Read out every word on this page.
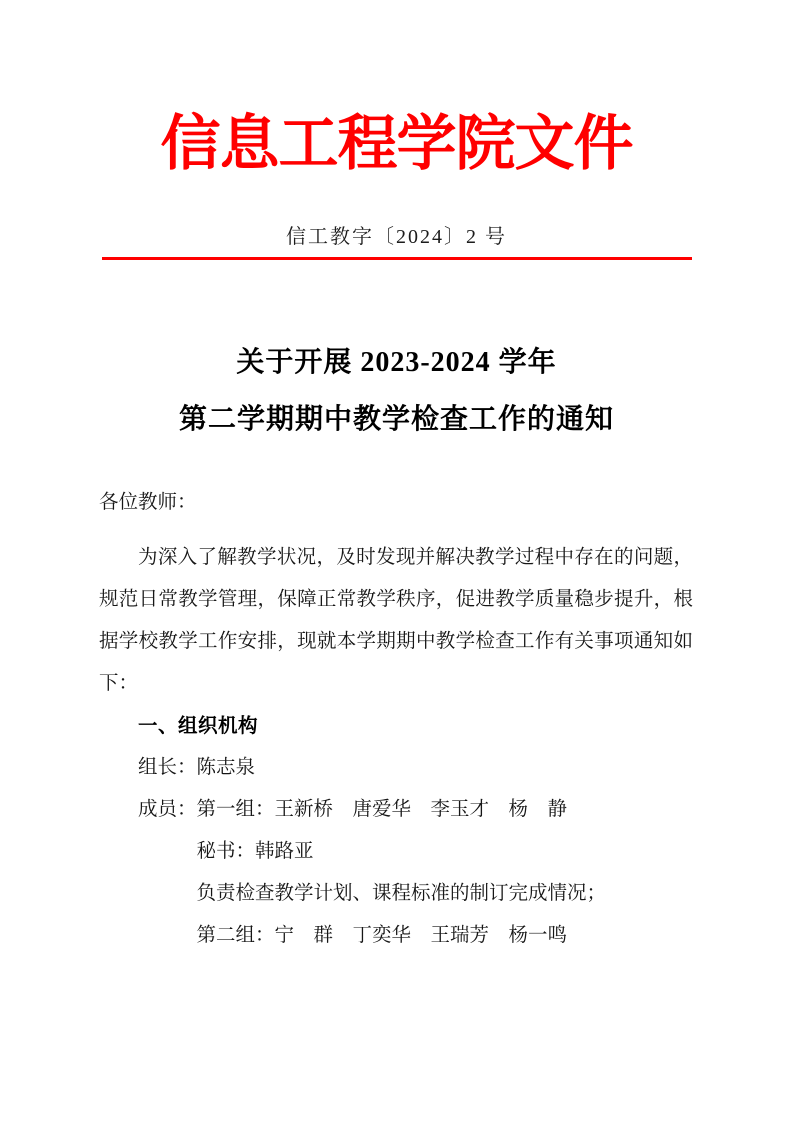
信息工程学院文件
信工教字〔2024〕2 号
关于开展 2023-2024 学年
第二学期期中教学检查工作的通知

各位教师：

为深入了解教学状况，及时发现并解决教学过程中存在的问题，规范日常教学管理，保障正常教学秩序，促进教学质量稳步提升，根据学校教学工作安排，现就本学期期中教学检查工作有关事项通知如下：

一、组织机构

组长：陈志泉

成员：第一组：王新桥　唐爱华　李玉才　杨　静

秘书：韩路亚

负责检查教学计划、课程标准的制订完成情况；

第二组：宁　群　丁奕华　王瑞芳　杨一鸣
